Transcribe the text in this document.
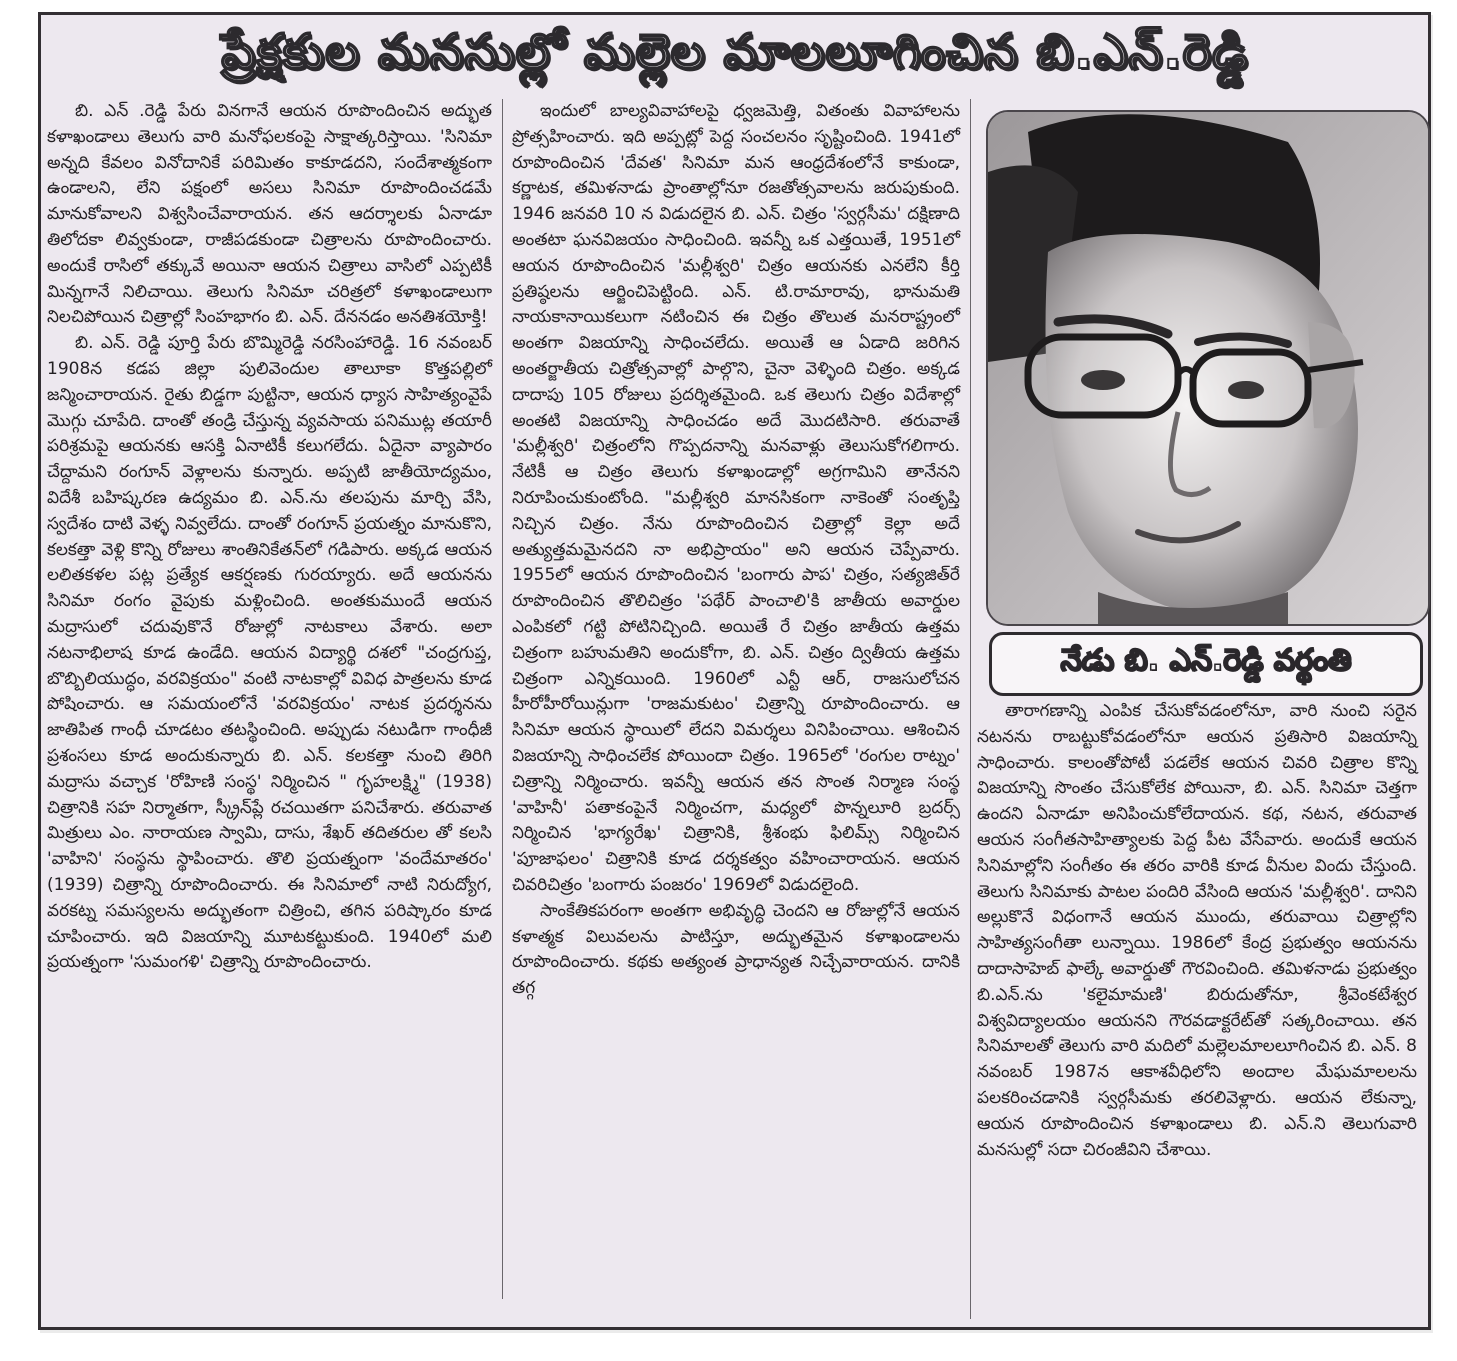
ప్రేక్షకుల మనసుల్లో మల్లెల మాలలూగించిన బి.ఎన్.రెడ్డి

బి. ఎన్ .రెడ్డి పేరు వినగానే ఆయన రూపొందించిన అద్భుత కళాఖండాలు తెలుగు వారి మనోఫలకంపై సాక్షాత్కరిస్తాయి. 'సినిమా అన్నది కేవలం వినోదానికే పరిమితం కాకూడదని, సందేశాత్మకంగా ఉండాలని, లేని పక్షంలో అసలు సినిమా రూపొందించడమే మానుకోవాలని విశ్వసించేవారాయన. తన ఆదర్శాలకు ఏనాడూ తిలోదకా లివ్వకుండా, రాజీపడకుండా చిత్రాలను రూపొందించారు. అందుకే రాసిలో తక్కువే అయినా ఆయన చిత్రాలు వాసిలో ఎప్పటికీ మిన్నగానే నిలిచాయి. తెలుగు సినిమా చరిత్రలో కళాఖండాలుగా నిలచిపోయిన చిత్రాల్లో సింహభాగం బి. ఎన్. దేననడం అనతిశయోక్తి!

బి. ఎన్. రెడ్డి పూర్తి పేరు బొమ్మిరెడ్డి నరసింహారెడ్డి. 16 నవంబర్ 1908న కడప జిల్లా పులివెందుల తాలూకా కొత్తపల్లిలో జన్మించారాయన. రైతు బిడ్డగా పుట్టినా, ఆయన ధ్యాస సాహిత్యంవైపే మొగ్గు చూపేది. దాంతో తండ్రి చేస్తున్న వ్యవసాయ పనిముట్ల తయారీ పరిశ్రమపై ఆయనకు ఆసక్తి ఏనాటికీ కలుగలేదు. ఏదైనా వ్యాపారం చేద్దామని రంగూన్ వెళ్లాలను కున్నారు. అప్పటి జాతీయోద్యమం, విదేశీ బహిష్కరణ ఉద్యమం బి. ఎన్.ను తలపును మార్చి వేసి, స్వదేశం దాటి వెళ్ళ నివ్వలేదు. దాంతో రంగూన్ ప్రయత్నం మానుకొని, కలకత్తా వెళ్లి కొన్ని రోజులు శాంతినికేతన్‌లో గడిపారు. అక్కడ ఆయన లలితకళల పట్ల ప్రత్యేక ఆకర్షణకు గురయ్యారు. అదే ఆయనను సినిమా రంగం వైపుకు మళ్లించింది. అంతకుముందే ఆయన మద్రాసులో చదువుకొనే రోజుల్లో నాటకాలు వేశారు. అలా నటనాభిలాష కూడ ఉండేది. ఆయన విద్యార్థి దశలో "చంద్రగుప్త, బొబ్బిలియుద్ధం, వరవిక్రయం" వంటి నాటకాల్లో వివిధ పాత్రలను కూడ పోషించారు. ఆ సమయంలోనే 'వరవిక్రయం' నాటక ప్రదర్శనను జాతిపిత గాంధీ చూడటం తటస్థించింది. అప్పుడు నటుడిగా గాంధీజీ ప్రశంసలు కూడ అందుకున్నారు బి. ఎన్. కలకత్తా నుంచి తిరిగి మద్రాసు వచ్చాక 'రోహిణి సంస్థ' నిర్మించిన " గృహలక్ష్మి" (1938) చిత్రానికి సహ నిర్మాతగా, స్క్రీన్‌ప్లే రచయితగా పనిచేశారు. తరువాత మిత్రులు ఎం. నారాయణ స్వామి, దాసు, శేఖర్ తదితరుల తో కలసి 'వాహిని' సంస్థను స్థాపించారు. తొలి ప్రయత్నంగా 'వందేమాతరం' (1939) చిత్రాన్ని రూపొందించారు. ఈ సినిమాలో నాటి నిరుద్యోగ, వరకట్న సమస్యలను అద్భుతంగా చిత్రించి, తగిన పరిష్కారం కూడ చూపించారు. ఇది విజయాన్ని మూటకట్టుకుంది. 1940లో మలి ప్రయత్నంగా 'సుమంగళి' చిత్రాన్ని రూపొందించారు.

ఇందులో బాల్యవివాహాలపై ధ్వజమెత్తి, వితంతు వివాహాలను ప్రోత్సహించారు. ఇది అప్పట్లో పెద్ద సంచలనం సృష్టించింది. 1941లో రూపొందించిన 'దేవత' సినిమా మన ఆంధ్రదేశంలోనే కాకుండా, కర్ణాటక, తమిళనాడు ప్రాంతాల్లోనూ రజతోత్సవాలను జరుపుకుంది. 1946 జనవరి 10 న విడుదలైన బి. ఎన్. చిత్రం 'స్వర్గసీమ' దక్షిణాది అంతటా ఘనవిజయం సాధించింది. ఇవన్నీ ఒక ఎత్తయితే, 1951లో ఆయన రూపొందించిన 'మల్లీశ్వరి' చిత్రం ఆయనకు ఎనలేని కీర్తి ప్రతిష్ఠలను ఆర్జించిపెట్టింది. ఎన్. టి.రామారావు, భానుమతి నాయకానాయికలుగా నటించిన ఈ చిత్రం తొలుత మనరాష్ట్రంలో అంతగా విజయాన్ని సాధించలేదు. అయితే ఆ ఏడాది జరిగిన అంతర్జాతీయ చిత్రోత్సవాల్లో పాల్గొని, చైనా వెళ్ళింది చిత్రం. అక్కడ దాదాపు 105 రోజులు ప్రదర్శితమైంది. ఒక తెలుగు చిత్రం విదేశాల్లో అంతటి విజయాన్ని సాధించడం అదే మొదటిసారి. తరువాతే 'మల్లీశ్వరి' చిత్రంలోని గొప్పదనాన్ని మనవాళ్లు తెలుసుకోగలిగారు. నేటికీ ఆ చిత్రం తెలుగు కళాఖండాల్లో అగ్రగామిని తానేనని నిరూపించుకుంటోంది. "మల్లీశ్వరి మానసికంగా నాకెంతో సంతృప్తి నిచ్చిన చిత్రం. నేను రూపొందించిన చిత్రాల్లో కెల్లా అదే అత్యుత్తమమైనదని నా అభిప్రాయం" అని ఆయన చెప్పేవారు. 1955లో ఆయన రూపొందించిన 'బంగారు పాప' చిత్రం, సత్యజిత్‌రే రూపొందించిన తొలిచిత్రం 'పథేర్ పాంచాలి'కి జాతీయ అవార్డుల ఎంపికలో గట్టి పోటినిచ్చింది. అయితే రే చిత్రం జాతీయ ఉత్తమ చిత్రంగా బహుమతిని అందుకోగా, బి. ఎన్. చిత్రం ద్వితీయ ఉత్తమ చిత్రంగా ఎన్నికయింది. 1960లో ఎన్టీ ఆర్, రాజసులోచన హీరోహీరోయిన్లుగా 'రాజమకుటం' చిత్రాన్ని రూపొందించారు. ఆ సినిమా ఆయన స్థాయిలో లేదని విమర్శలు వినిపించాయి. ఆశించిన విజయాన్ని సాధించలేక పోయిందా చిత్రం. 1965లో 'రంగుల రాట్నం' చిత్రాన్ని నిర్మించారు. ఇవన్నీ ఆయన తన సొంత నిర్మాణ సంస్థ 'వాహినీ' పతాకంపైనే నిర్మించగా, మధ్యలో పొన్నలూరి బ్రదర్స్ నిర్మించిన 'భాగ్యరేఖ' చిత్రానికి, శ్రీశంభు ఫిలిమ్స్ నిర్మించిన 'పూజాఫలం' చిత్రానికి కూడ దర్శకత్వం వహించారాయన. ఆయన చివరిచిత్రం 'బంగారు పంజరం' 1969లో విడుదలైంది.

సాంకేతికపరంగా అంతగా అభివృద్ధి చెందని ఆ రోజుల్లోనే ఆయన కళాత్మక విలువలను పాటిస్తూ, అద్భుతమైన కళాఖండాలను రూపొందించారు. కథకు అత్యంత ప్రాధాన్యత నిచ్చేవారాయన. దానికి తగ్గ

నేడు బి. ఎన్.రెడ్డి వర్థంతి

తారాగణాన్ని ఎంపిక చేసుకోవడంలోనూ, వారి నుంచి సరైన నటనను రాబట్టుకోవడంలోనూ ఆయన ప్రతిసారి విజయాన్ని సాధించారు. కాలంతోపోటీ పడలేక ఆయన చివరి చిత్రాల కొన్ని విజయాన్ని సొంతం చేసుకోలేక పోయినా, బి. ఎన్. సినిమా చెత్తగా ఉందని ఏనాడూ అనిపించుకోలేదాయన. కథ, నటన, తరువాత ఆయన సంగీతసాహిత్యాలకు పెద్ద పీట వేసేవారు. అందుకే ఆయన సినిమాల్లోని సంగీతం ఈ తరం వారికి కూడ వీనుల విందు చేస్తుంది. తెలుగు సినిమాకు పాటల పందిరి వేసింది ఆయన 'మల్లీశ్వరి'. దానిని అల్లుకొనే విధంగానే ఆయన ముందు, తరువాయి చిత్రాల్లోని సాహిత్యసంగీతా లున్నాయి. 1986లో కేంద్ర ప్రభుత్వం ఆయనను దాదాసాహెబ్ ఫాల్కే అవార్డుతో గౌరవించింది. తమిళనాడు ప్రభుత్వం బి.ఎన్.ను 'కలైమామణి' బిరుదుతోనూ, శ్రీవెంకటేశ్వర విశ్వవిద్యాలయం ఆయనని గౌరవడాక్టరేట్‌తో సత్కరించాయి. తన సినిమాలతో తెలుగు వారి మదిలో మల్లెలమాలలూగించిన బి. ఎన్. 8 నవంబర్ 1987న ఆకాశవీధిలోని అందాల మేఘమాలలను పలకరించడానికి స్వర్గసీమకు తరలివెళ్లారు. ఆయన లేకున్నా, ఆయన రూపొందించిన కళాఖండాలు బి. ఎన్.ని తెలుగువారి మనసుల్లో సదా చిరంజీవిని చేశాయి.
